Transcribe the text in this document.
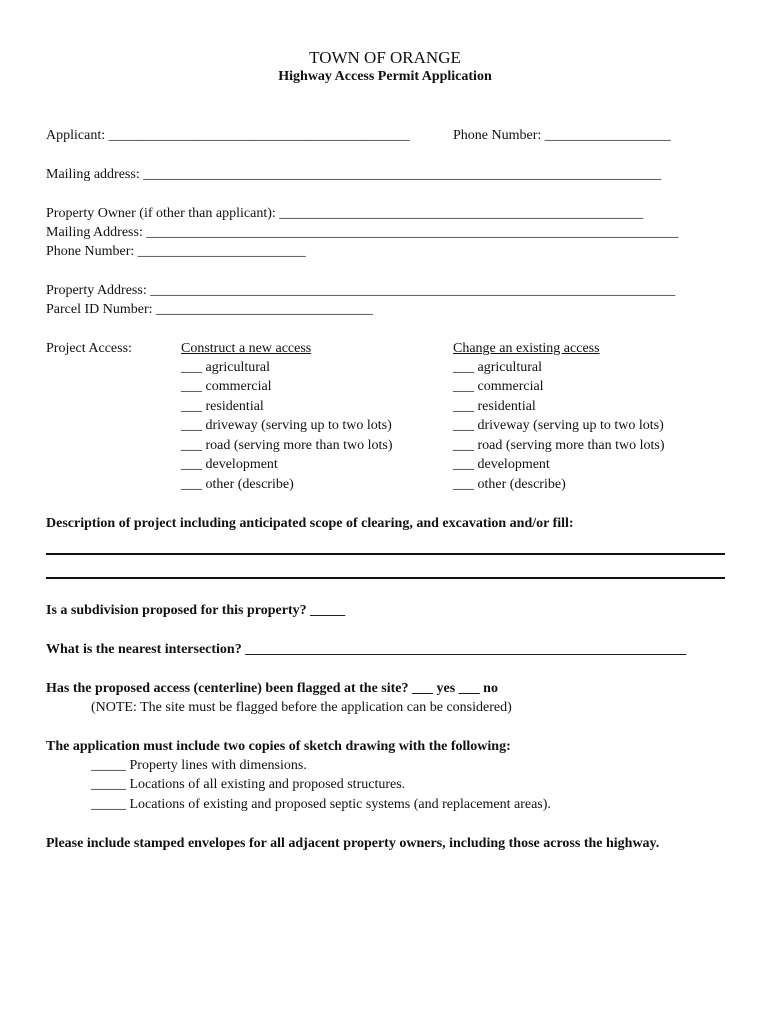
TOWN OF ORANGE
Highway Access Permit Application
Applicant: ___________________________________________	Phone Number: __________________
Mailing address: __________________________________________________________________________
Property Owner (if other than applicant): ____________________________________________________
Mailing Address: ____________________________________________________________________________
Phone Number: ________________________
Property Address: ___________________________________________________________________________
Parcel ID Number: _______________________________
Project Access:	Construct a new access
___ agricultural
___ commercial
___ residential
___ driveway (serving up to two lots)
___ road (serving more than two lots)
___ development
___ other (describe)
Change an existing access
___ agricultural
___ commercial
___ residential
___ driveway (serving up to two lots)
___ road (serving more than two lots)
___ development
___ other (describe)
Description of project including anticipated scope of clearing, and excavation and/or fill:
Is a subdivision proposed for this property? _____
What is the nearest intersection? _______________________________________________________________
Has the proposed access (centerline) been flagged at the site? ___ yes ___ no
(NOTE: The site must be flagged before the application can be considered)
The application must include two copies of sketch drawing with the following:
_____ Property lines with dimensions.
_____ Locations of all existing and proposed structures.
_____ Locations of existing and proposed septic systems (and replacement areas).
Please include stamped envelopes for all adjacent property owners, including those across the highway.
